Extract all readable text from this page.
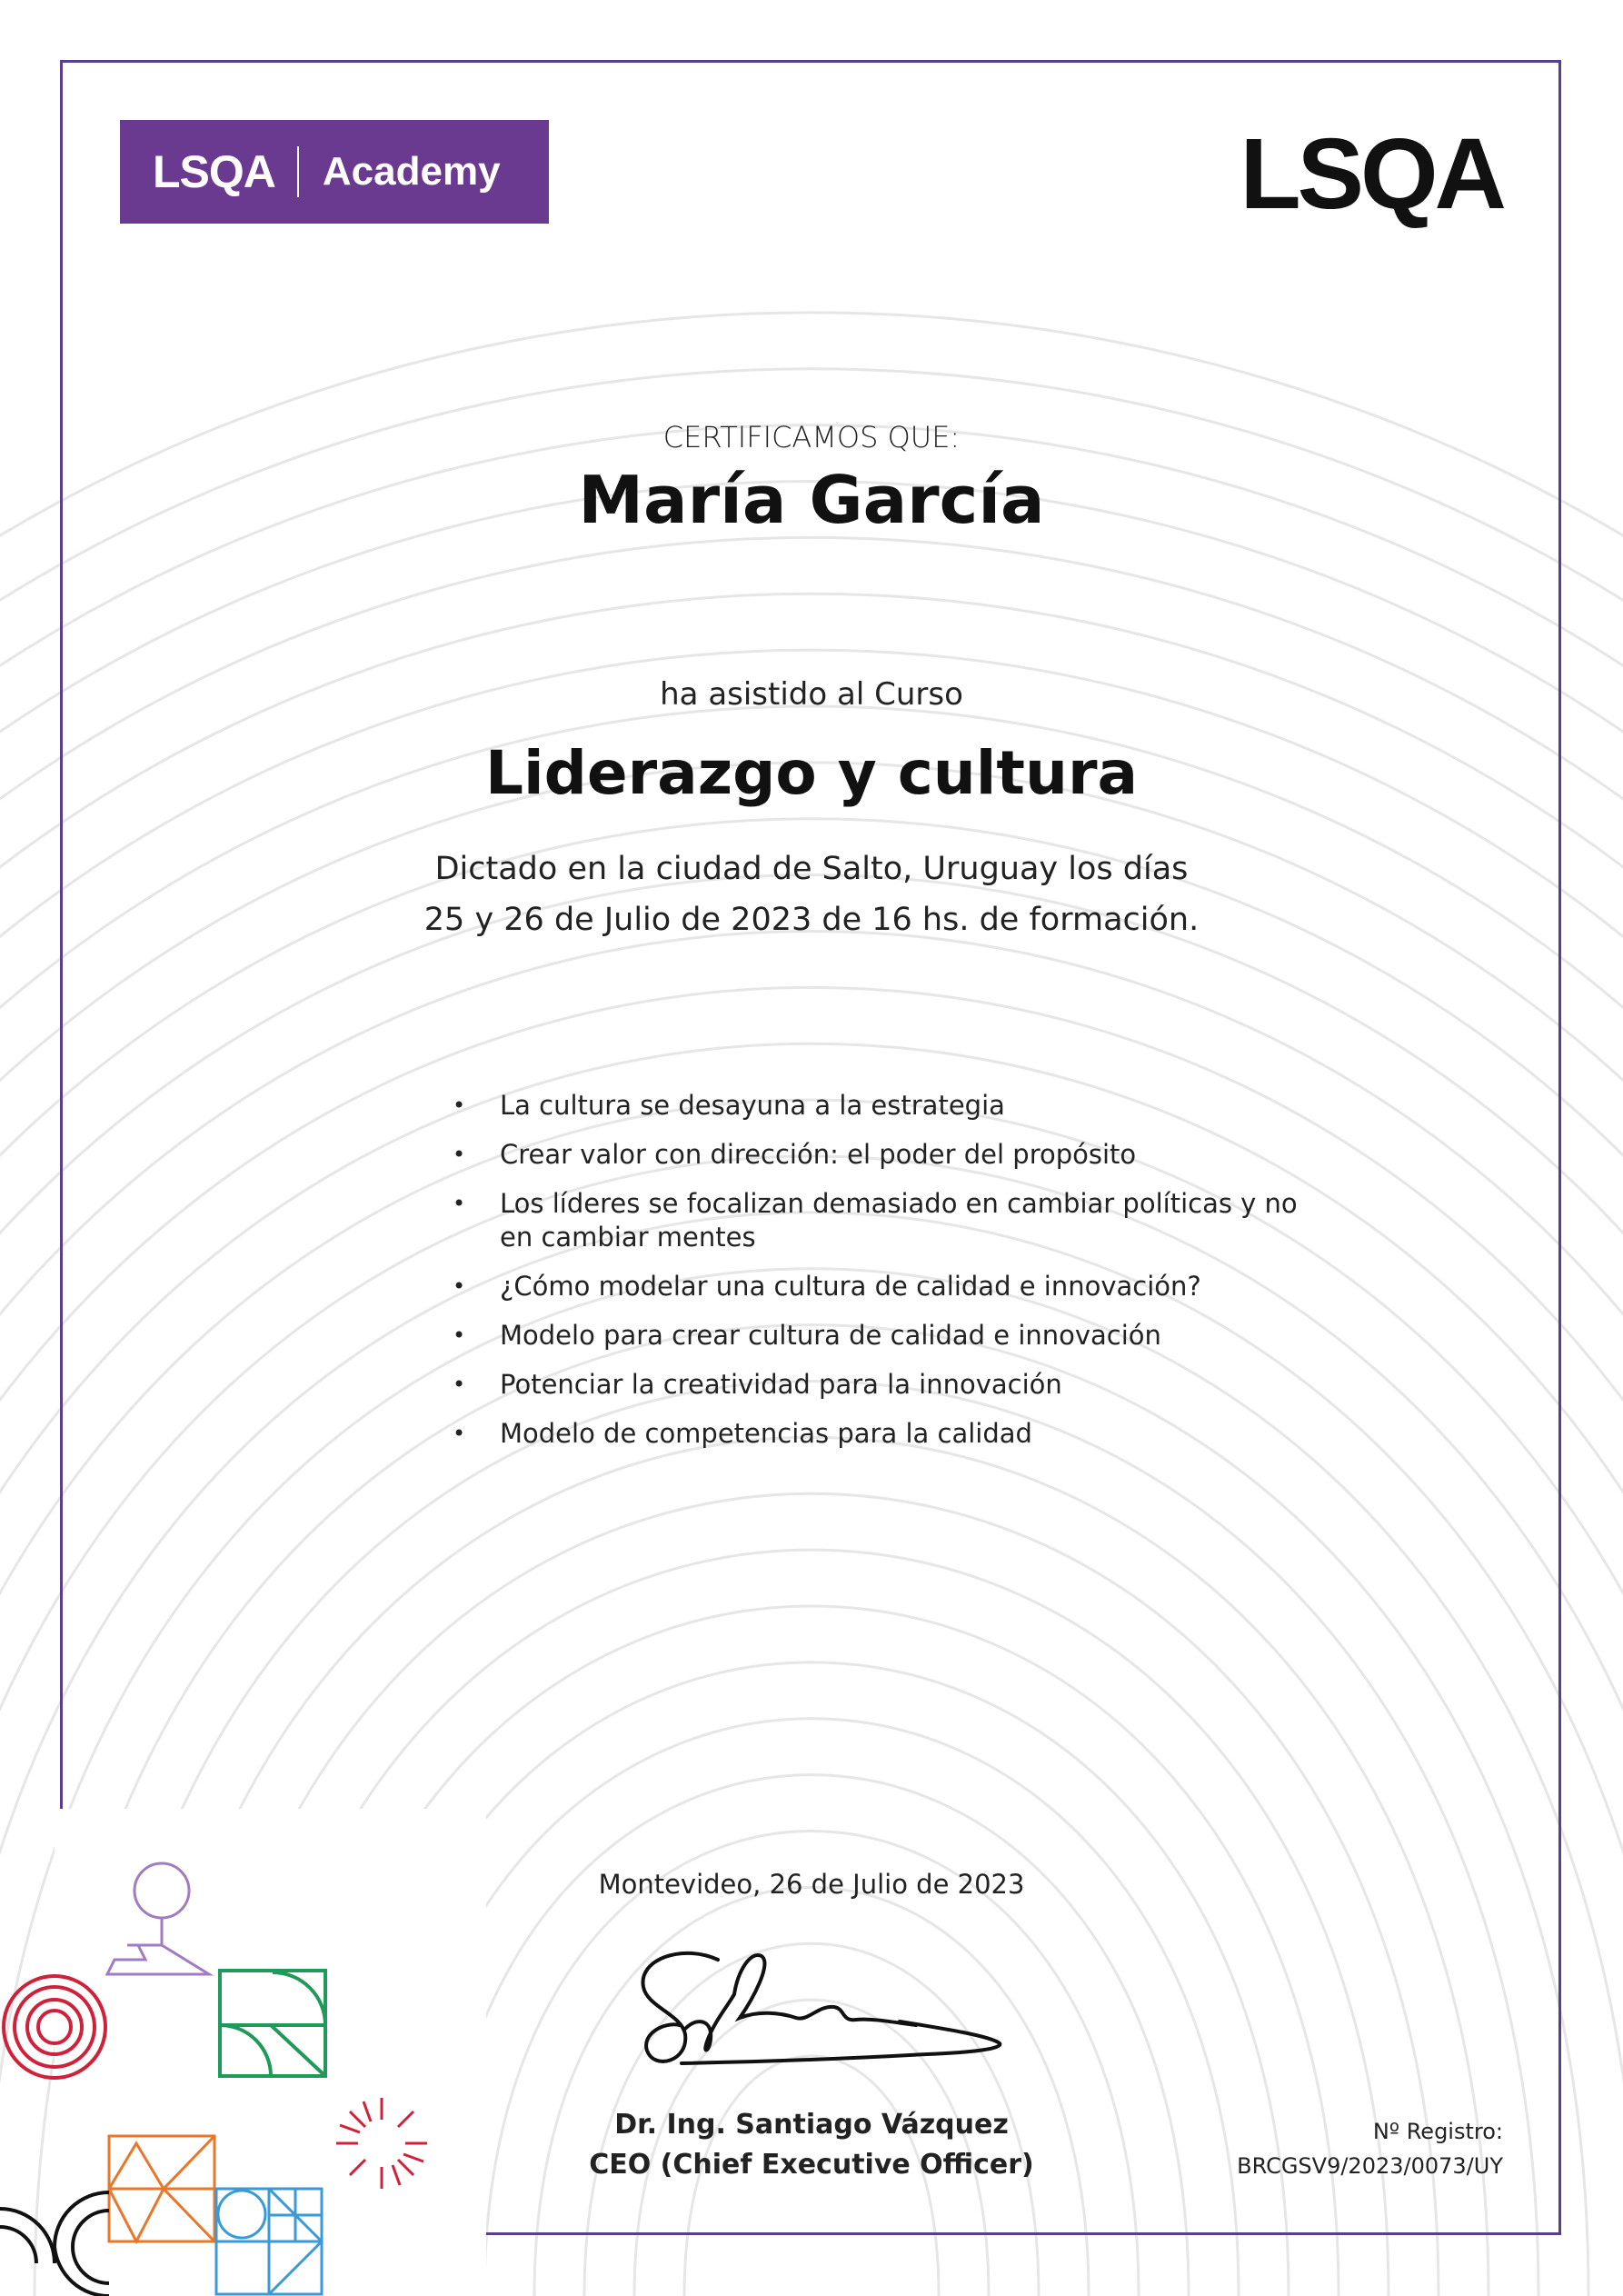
LSQA Academy	LSQA
CERTIFICAMOS QUE:
María García
ha asistido al Curso
Liderazgo y cultura
Dictado en la ciudad de Salto, Uruguay los días
25 y 26 de Julio de 2023 de 16 hs. de formación.
• La cultura se desayuna a la estrategia
• Crear valor con dirección: el poder del propósito
• Los líderes se focalizan demasiado en cambiar políticas y no en cambiar mentes
• ¿Cómo modelar una cultura de calidad e innovación?
• Modelo para crear cultura de calidad e innovación
• Potenciar la creatividad para la innovación
• Modelo de competencias para la calidad
Montevideo, 26 de Julio de 2023
Dr. Ing. Santiago Vázquez
CEO (Chief Executive Officer)
Nº Registro:
BRCGSV9/2023/0073/UY
